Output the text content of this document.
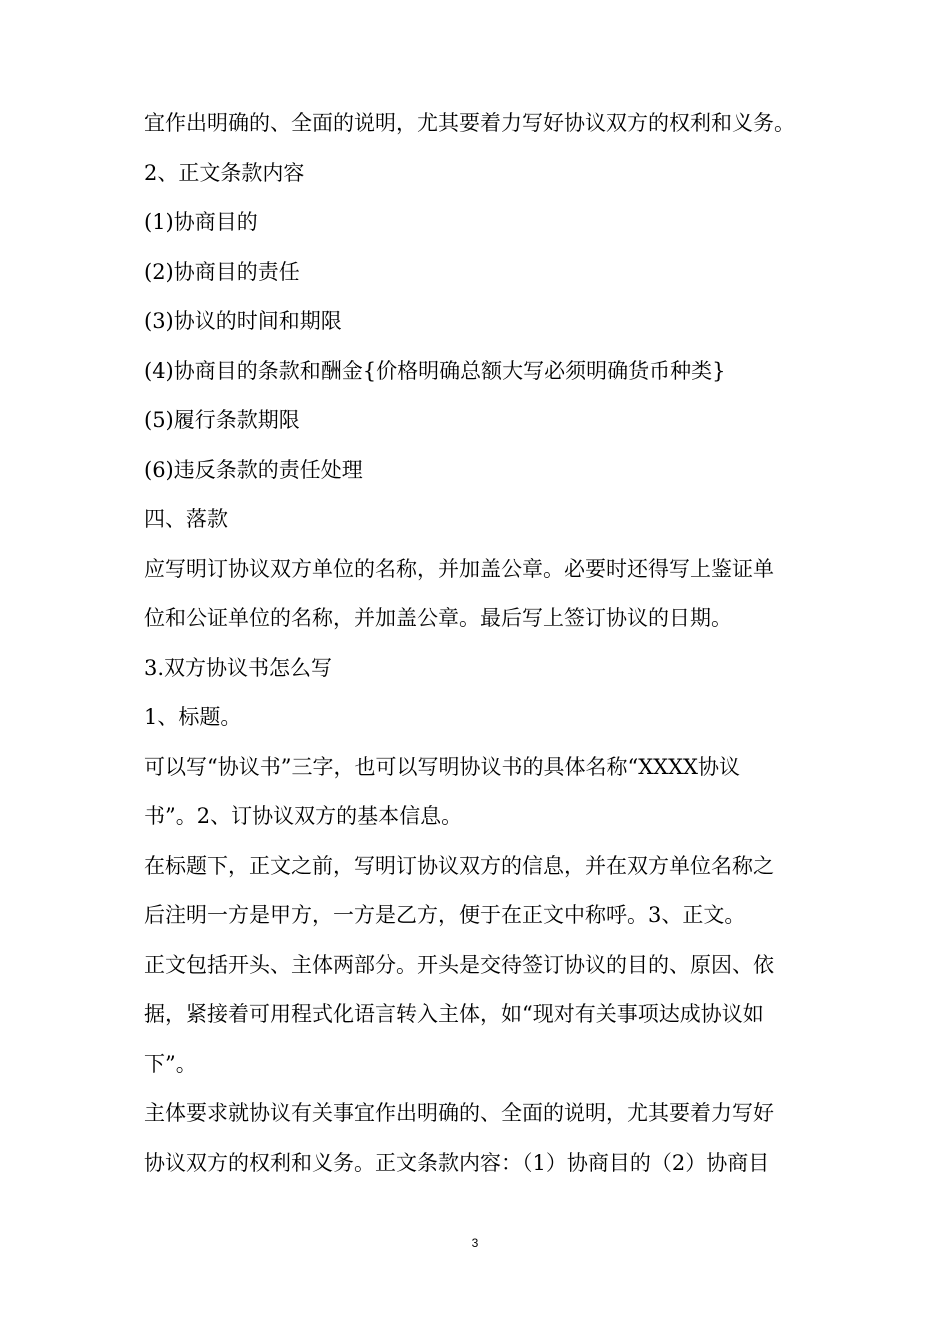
宜作出明确的、全面的说明，尤其要着力写好协议双方的权利和义务。
2、正文条款内容
(1)协商目的
(2)协商目的责任
(3)协议的时间和期限
(4)协商目的条款和酬金{价格明确总额大写必须明确货币种类}
(5)履行条款期限
(6)违反条款的责任处理
四、落款
应写明订协议双方单位的名称，并加盖公章。必要时还得写上鉴证单
位和公证单位的名称，并加盖公章。最后写上签订协议的日期。
3.双方协议书怎么写
1、标题。
可以写“协议书”三字，也可以写明协议书的具体名称“XXXX协议
书”。2、订协议双方的基本信息。
在标题下，正文之前，写明订协议双方的信息，并在双方单位名称之
后注明一方是甲方，一方是乙方，便于在正文中称呼。3、正文。
正文包括开头、主体两部分。开头是交待签订协议的目的、原因、依
据，紧接着可用程式化语言转入主体，如“现对有关事项达成协议如
下”。
主体要求就协议有关事宜作出明确的、全面的说明，尤其要着力写好
协议双方的权利和义务。正文条款内容：（1）协商目的（2）协商目
3
